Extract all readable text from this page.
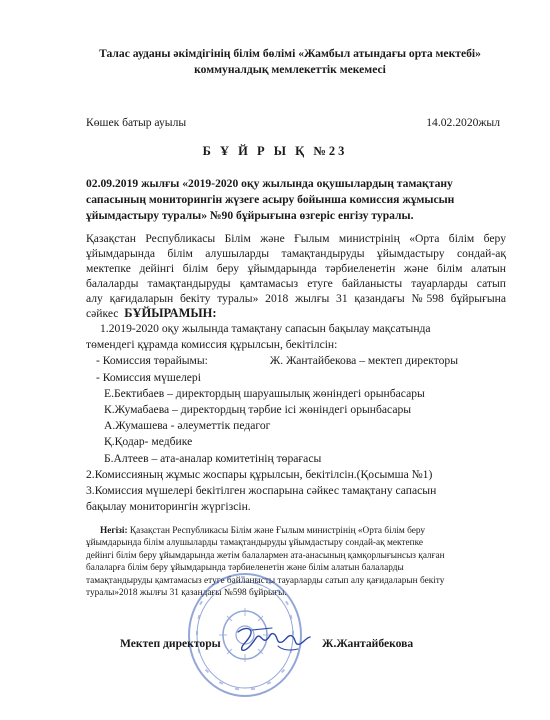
Талас ауданы әкімдігінің білім бөлімі «Жамбыл атындағы орта мектебі»
коммуналдық мемлекеттік мекемесі
Көшек батыр ауылы	14.02.2020жыл
Б Ұ Й Р Ы Қ №23
02.09.2019 жылғы «2019-2020 оқу жылында оқушылардың тамақтану
сапасының мониторингін жүзеге асыру бойынша комиссия жұмысын
ұйымдастыру туралы» №90 бұйрығына өзгеріс енгізу туралы.
Қазақстан Республикасы Білім және Ғылым министрінің «Орта білім беру
ұйымдарында білім алушыларды тамақтандыруды ұйымдастыру сондай-ақ
мектепке дейінгі білім беру ұйымдарында тәрбиеленетін және білім алатын
балаларды тамақтандыруды қамтамасыз етуге байланысты тауарларды сатып
алу қағидаларын бекіту туралы» 2018 жылғы 31 қазандағы №598 бұйрығына
сәйкес БҰЙЫРАМЫН:
1.2019-2020 оқу жылында тамақтану сапасын бақылау мақсатында
төмендегі құрамда комиссия құрылсын, бекітілсін:
- Комиссия төрайымы:	Ж. Жантайбекова – мектеп директоры
- Комиссия мүшелері
Е.Бектибаев – директордың шаруашылық жөніндегі орынбасары
К.Жумабаева – директордың тәрбие ісі жөніндегі орынбасары
А.Жумашева - әлеуметтік педагог
Қ.Қодар- медбике
Б.Алтеев – ата-аналар комитетінің төрағасы
2.Комиссияның жұмыс жоспары құрылсын, бекітілсін.(Қосымша №1)
3.Комиссия мүшелері бекітілген жоспарына сәйкес тамақтану сапасын
бақылау мониторингін жүргізсін.
Негізі: Қазақстан Республикасы Білім және Ғылым министрінің «Орта білім беру
ұйымдарында білім алушыларды тамақтандыруды ұйымдастыру сондай-ақ мектепке
дейінгі білім беру ұйымдарында жетім балалармен ата-анасының қамқорлығынсыз қалған
балаларға білім беру ұйымдарында тәрбиеленетін және білім алатын балаларды
тамақтандыруды қамтамасыз етуге байланысты тауарларды сатып алу қағидаларын бекіту
туралы»2018 жылғы 31 қазандағы №598 бұйрығы.
Мектеп директоры	Ж.Жантайбекова
